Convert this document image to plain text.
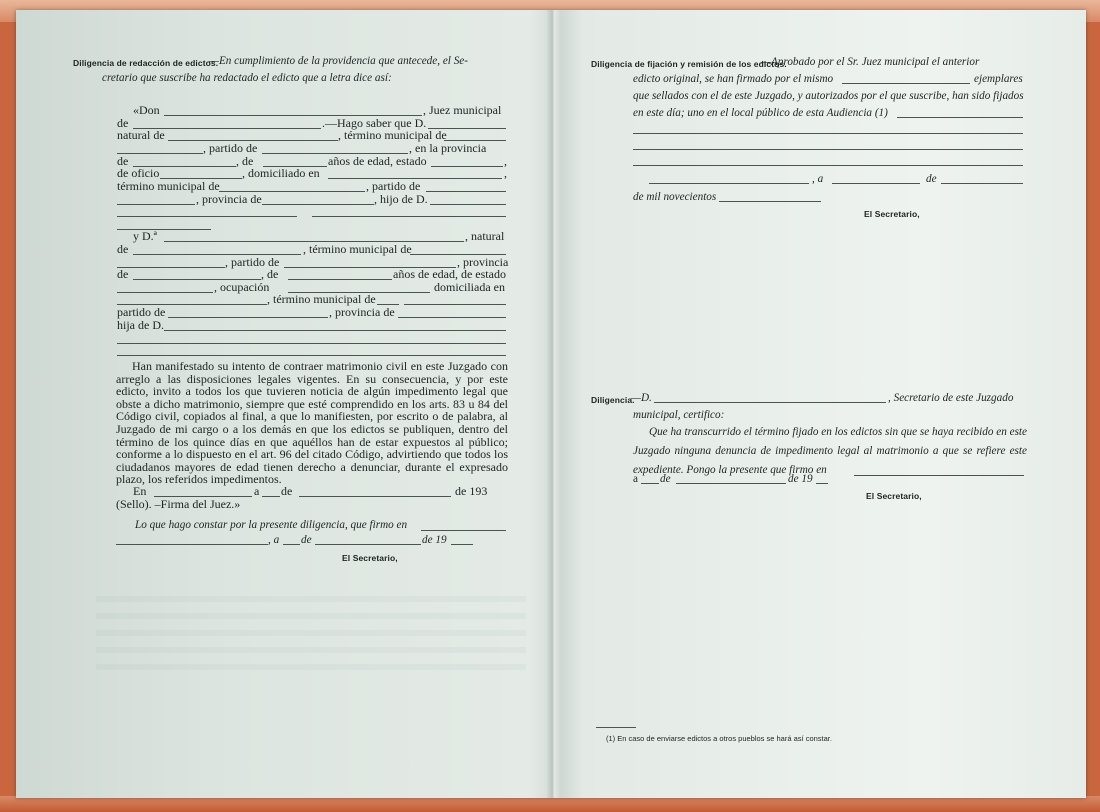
Diligencia de redacción de edictos.
—En cumplimiento de la providencia que antecede, el Se-
cretario que suscribe ha redactado el edicto que a letra dice así:
«Don	, Juez municipal
de	.—Hago saber que D.
natural de	, término municipal de
, partido de	, en la provincia
de	, de	años de edad, estado	,
de oficio	, domiciliado en	,
término municipal de	, partido de
, provincia de	, hijo de D.
y D.ª	, natural
de	, término municipal de
, partido de	, provincia
de	, de	años de edad, de estado
, ocupación	domiciliada en
, término municipal de
partido de	, provincia de
hija de D.
Han manifestado su intento de contraer matrimonio civil en este Juzgado con arreglo a las disposiciones legales vigentes. En su consecuencia, y por este edicto, invito a todos los que tuvieren noticia de algún impedimento legal que obste a dicho matrimonio, siempre que esté comprendido en los arts. 83 u 84 del Código civil, copiados al final, a que lo manifiesten, por escrito o de palabra, al Juzgado de mi cargo o a los demás en que los edictos se publiquen, dentro del término de los quince días en que aquéllos han de estar expuestos al público; conforme a lo dispuesto en el art. 96 del citado Código, advirtiendo que todos los ciudadanos mayores de edad tienen derecho a denunciar, durante el expresado plazo, los referidos impedimentos.
En	a de	de 193
(Sello). –Firma del Juez.»
Lo que hago constar por la presente diligencia, que firmo en
, a de	de 19
El Secretario,
Diligencia de fijación y remisión de los edictos.
—Aprobado por el Sr. Juez municipal el anterior
edicto original, se han firmado por el mismo	ejemplares
que sellados con el de este Juzgado, y autorizados por el que suscribe, han sido fijados
en este día; uno en el local público de esta Audiencia (1)
, a	de
de mil novecientos
El Secretario,
Diligencia.
—D.	, Secretario de este Juzgado
municipal, certifico:
Que ha transcurrido el término fijado en los edictos sin que se haya recibido en este Juzgado ninguna denuncia de impedimento legal al matrimonio a que se refiere este expediente. Pongo la presente que firmo en
a de	de 19
El Secretario,
(1) En caso de enviarse edictos a otros pueblos se hará así constar.
